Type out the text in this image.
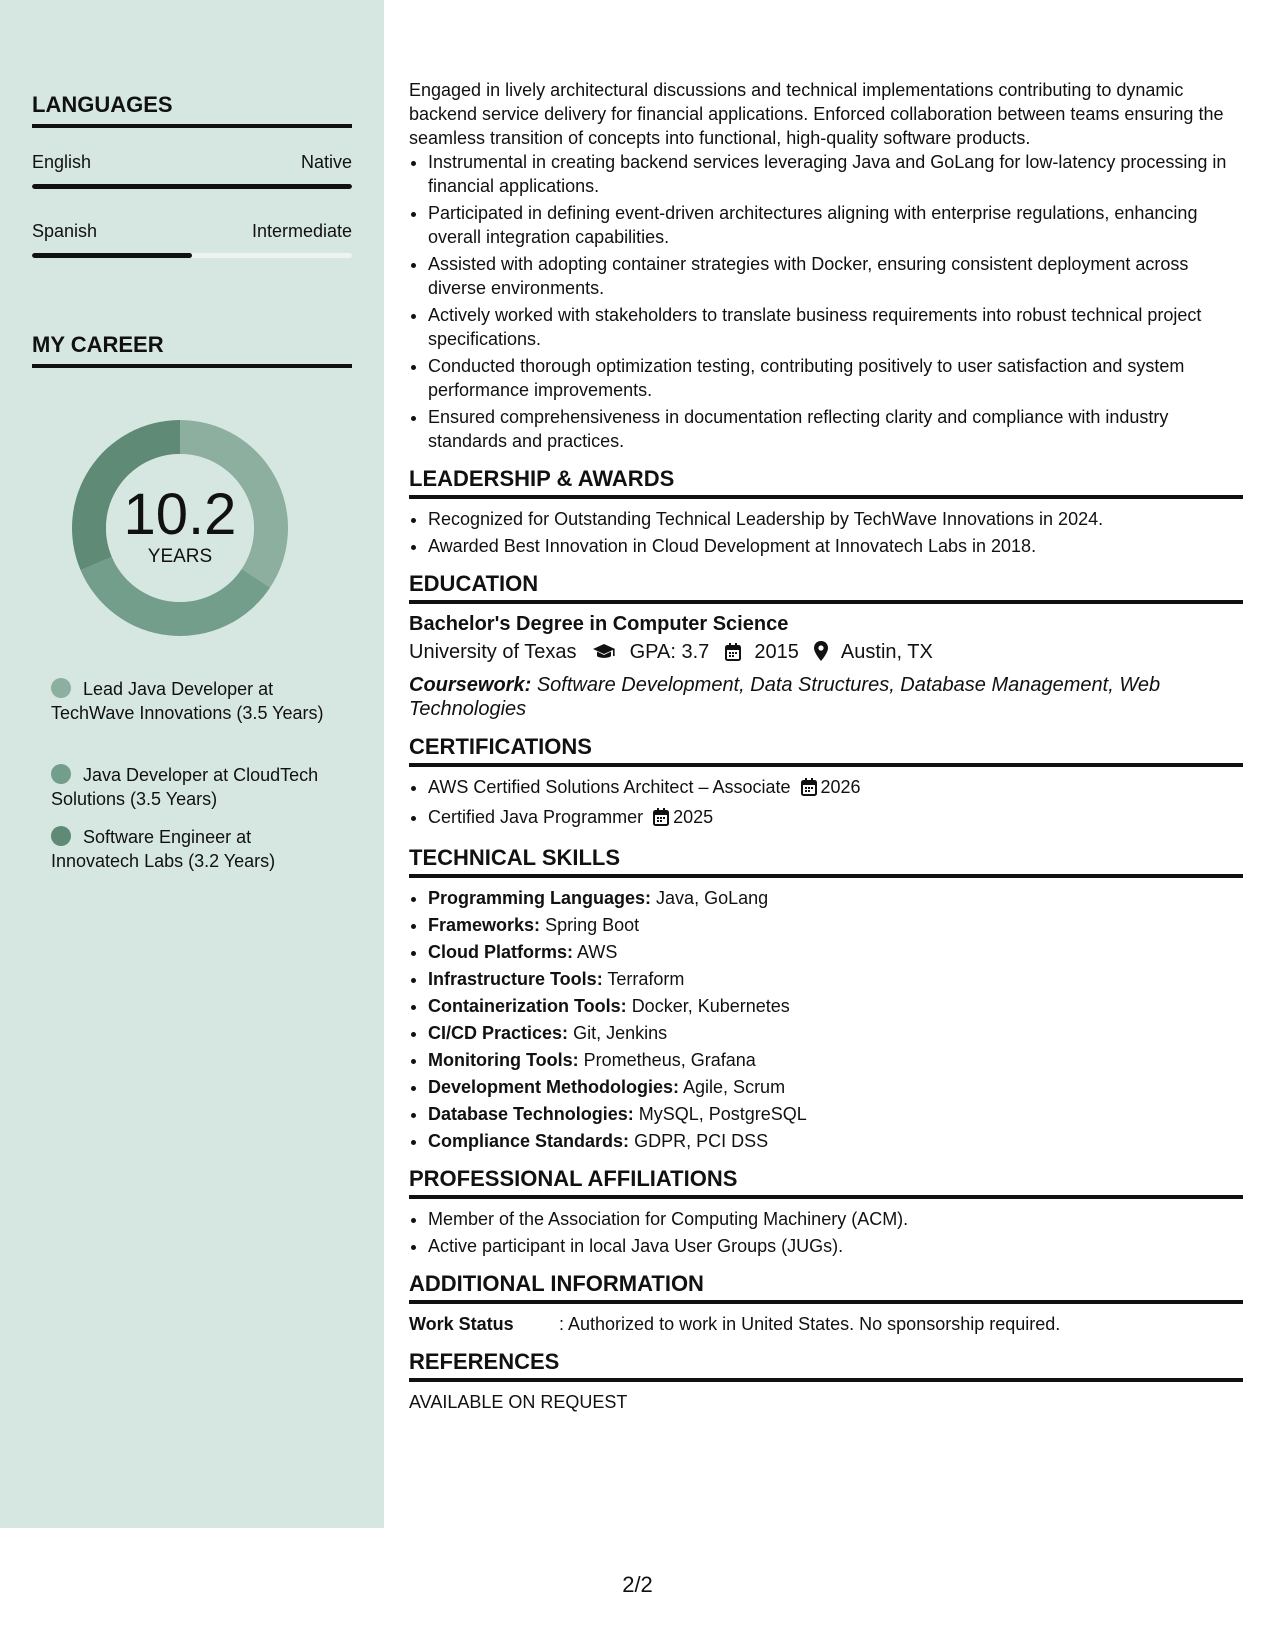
LANGUAGES
English	Native
Spanish	Intermediate
MY CAREER
10.2
YEARS
Lead Java Developer at TechWave Innovations (3.5 Years)
Java Developer at CloudTech Solutions (3.5 Years)
Software Engineer at Innovatech Labs (3.2 Years)

Engaged in lively architectural discussions and technical implementations contributing to dynamic backend service delivery for financial applications. Enforced collaboration between teams ensuring the seamless transition of concepts into functional, high-quality software products.

• Instrumental in creating backend services leveraging Java and GoLang for low-latency processing in financial applications.
• Participated in defining event-driven architectures aligning with enterprise regulations, enhancing overall integration capabilities.
• Assisted with adopting container strategies with Docker, ensuring consistent deployment across diverse environments.
• Actively worked with stakeholders to translate business requirements into robust technical project specifications.
• Conducted thorough optimization testing, contributing positively to user satisfaction and system performance improvements.
• Ensured comprehensiveness in documentation reflecting clarity and compliance with industry standards and practices.
LEADERSHIP & AWARDS
• Recognized for Outstanding Technical Leadership by TechWave Innovations in 2024.
• Awarded Best Innovation in Cloud Development at Innovatech Labs in 2018.
EDUCATION
Bachelor's Degree in Computer Science
University of Texas	GPA: 3.7 2015 Austin, TX
Coursework: Software Development, Data Structures, Database Management, Web Technologies
CERTIFICATIONS
• AWS Certified Solutions Architect – Associate 2026
• Certified Java Programmer 2025
TECHNICAL SKILLS
• Programming Languages: Java, GoLang
• Frameworks: Spring Boot
• Cloud Platforms: AWS
• Infrastructure Tools: Terraform
• Containerization Tools: Docker, Kubernetes
• CI/CD Practices: Git, Jenkins
• Monitoring Tools: Prometheus, Grafana
• Development Methodologies: Agile, Scrum
• Database Technologies: MySQL, PostgreSQL
• Compliance Standards: GDPR, PCI DSS
PROFESSIONAL AFFILIATIONS
• Member of the Association for Computing Machinery (ACM).
• Active participant in local Java User Groups (JUGs).
ADDITIONAL INFORMATION
Work Status	: Authorized to work in United States. No sponsorship required.
REFERENCES
AVAILABLE ON REQUEST
2/2
